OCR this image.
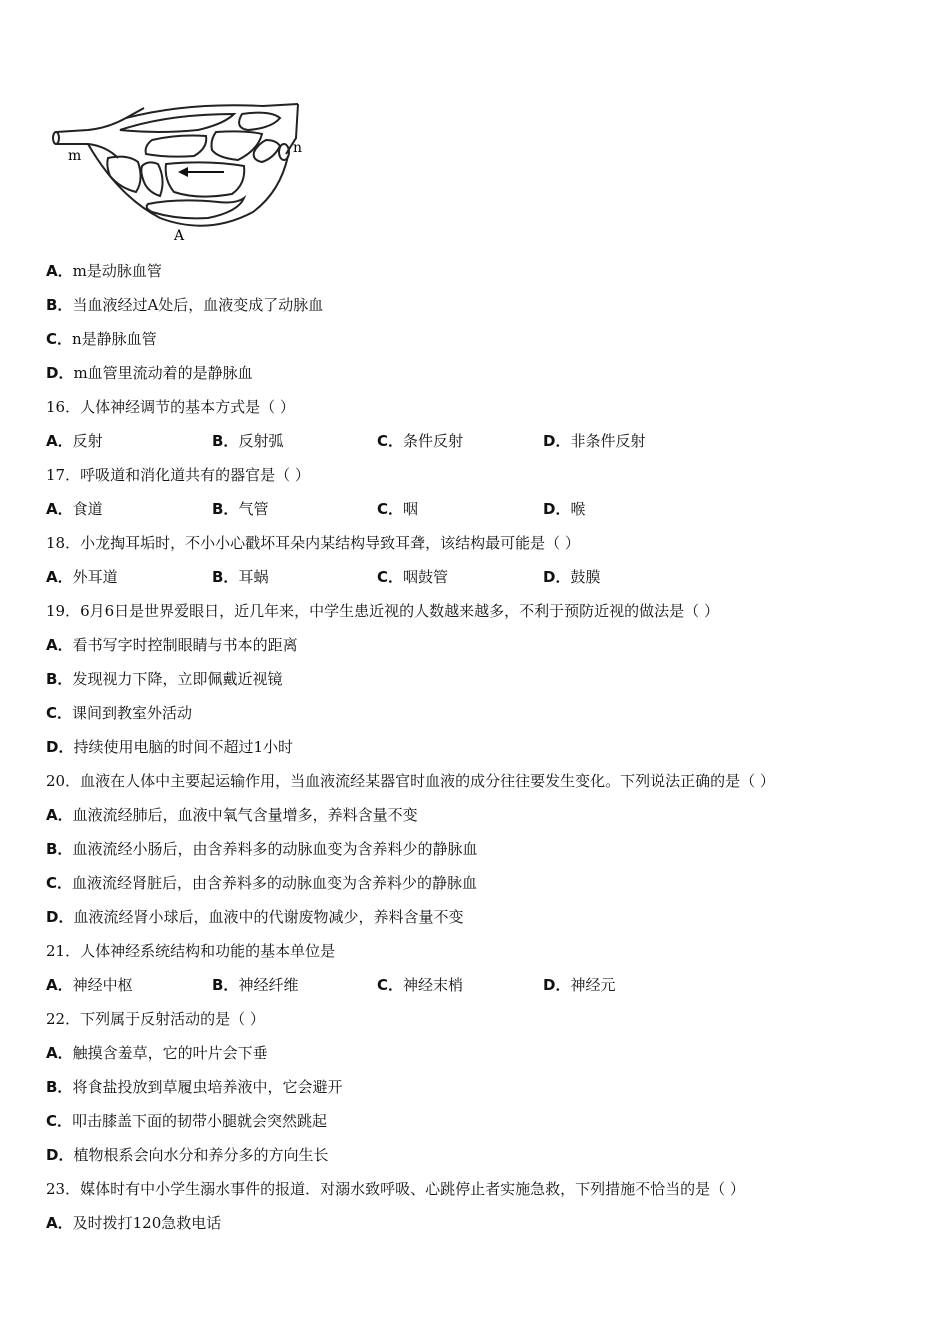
m	n
A
A．m是动脉血管
B．当血液经过A处后，血液变成了动脉血
C．n是静脉血管
D．m血管里流动着的是静脉血
16．人体神经调节的基本方式是（ ）
A．反射	B．反射弧	C．条件反射	D．非条件反射
17．呼吸道和消化道共有的器官是（ ）
A．食道	B．气管	C．咽	D．喉
18．小龙掏耳垢时，不小小心戳坏耳朵内某结构导致耳聋，该结构最可能是（ ）
A．外耳道	B．耳蜗	C．咽鼓管	D．鼓膜
19．6月6日是世界爱眼日，近几年来，中学生患近视的人数越来越多，不利于预防近视的做法是（ ）
A．看书写字时控制眼睛与书本的距离
B．发现视力下降，立即佩戴近视镜
C．课间到教室外活动
D．持续使用电脑的时间不超过1小时
20．血液在人体中主要起运输作用，当血液流经某器官时血液的成分往往要发生变化。下列说法正确的是（ ）
A．血液流经肺后，血液中氧气含量增多，养料含量不变
B．血液流经小肠后，由含养料多的动脉血变为含养料少的静脉血
C．血液流经肾脏后，由含养料多的动脉血变为含养料少的静脉血
D．血液流经肾小球后，血液中的代谢废物减少，养料含量不变
21．人体神经系统结构和功能的基本单位是
A．神经中枢	B．神经纤维	C．神经末梢	D．神经元
22．下列属于反射活动的是（ ）
A．触摸含羞草，它的叶片会下垂
B．将食盐投放到草履虫培养液中，它会避开
C．叩击膝盖下面的韧带小腿就会突然跳起
D．植物根系会向水分和养分多的方向生长
23．媒体时有中小学生溺水事件的报道．对溺水致呼吸、心跳停止者实施急救，下列措施不恰当的是（ ）
A．及时拨打120急救电话
